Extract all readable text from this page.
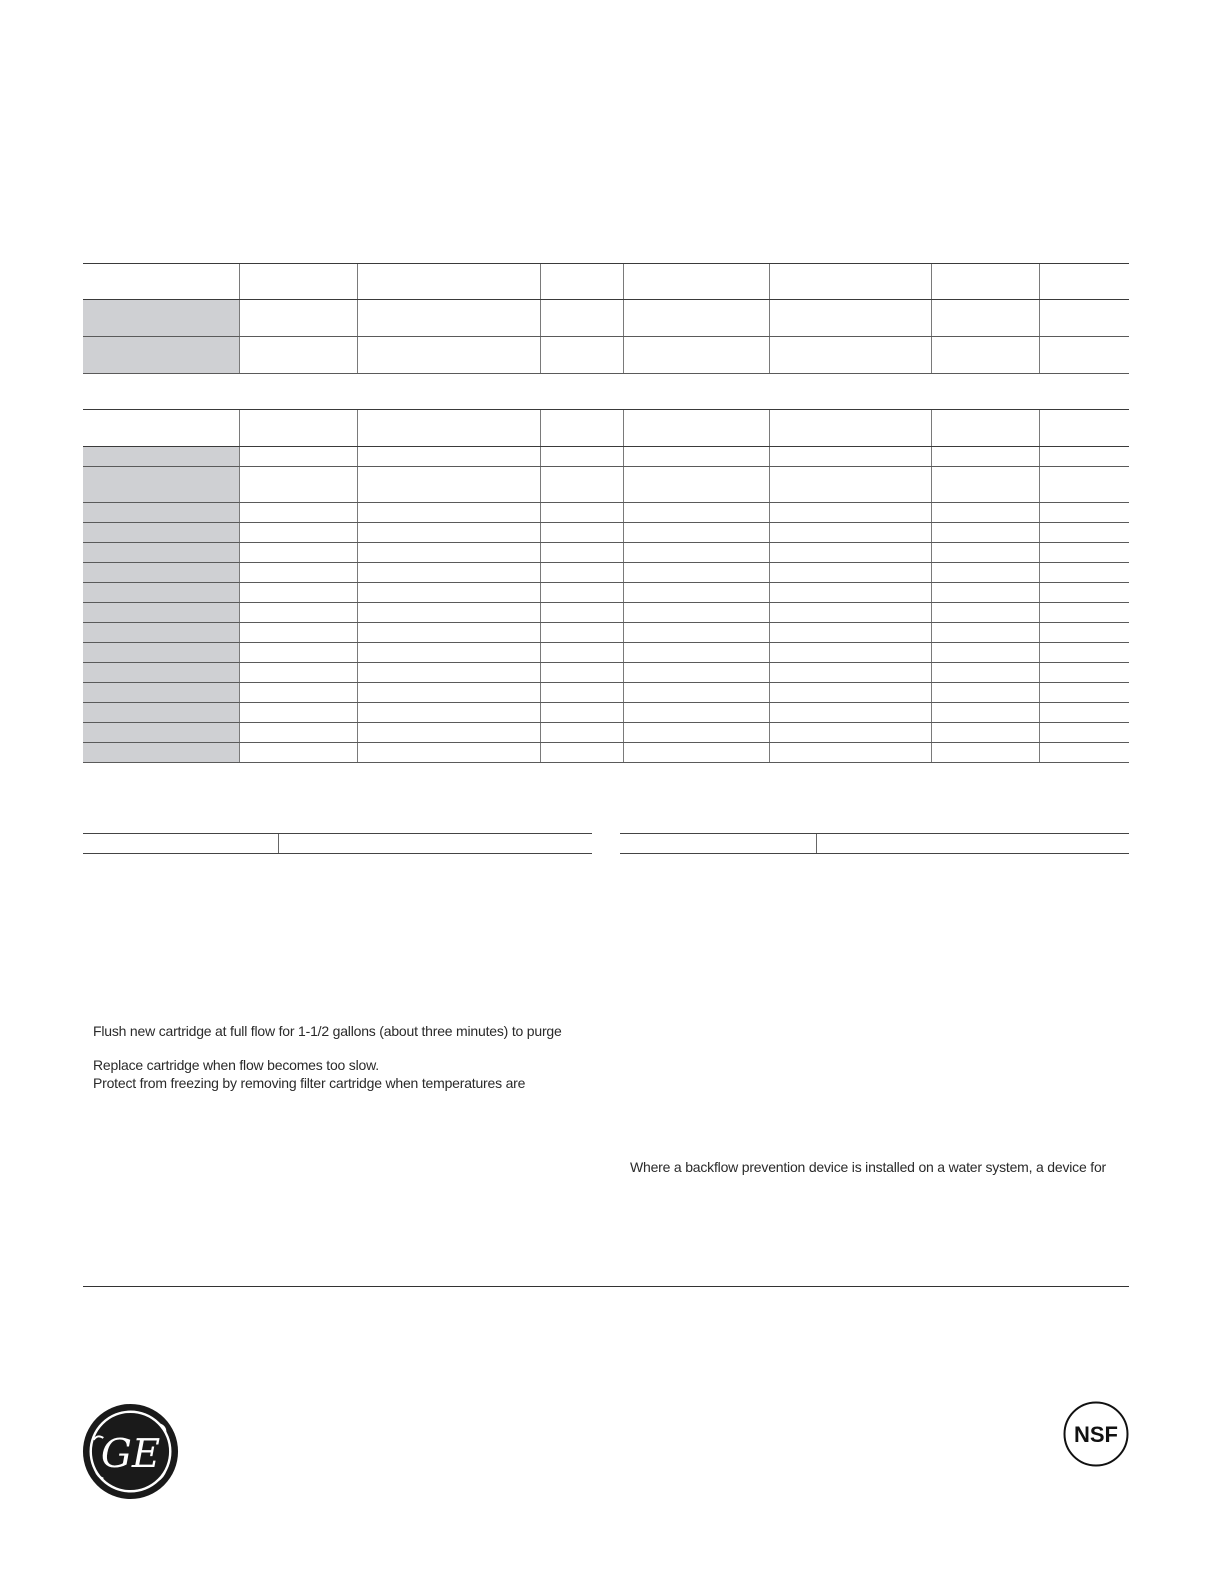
Flush new cartridge at full flow for 1-1/2 gallons (about three minutes) to purge
Replace cartridge when flow becomes too slow.
Protect from freezing by removing filter cartridge when temperatures are
Where a backflow prevention device is installed on a water system, a device for
GE	NSF
